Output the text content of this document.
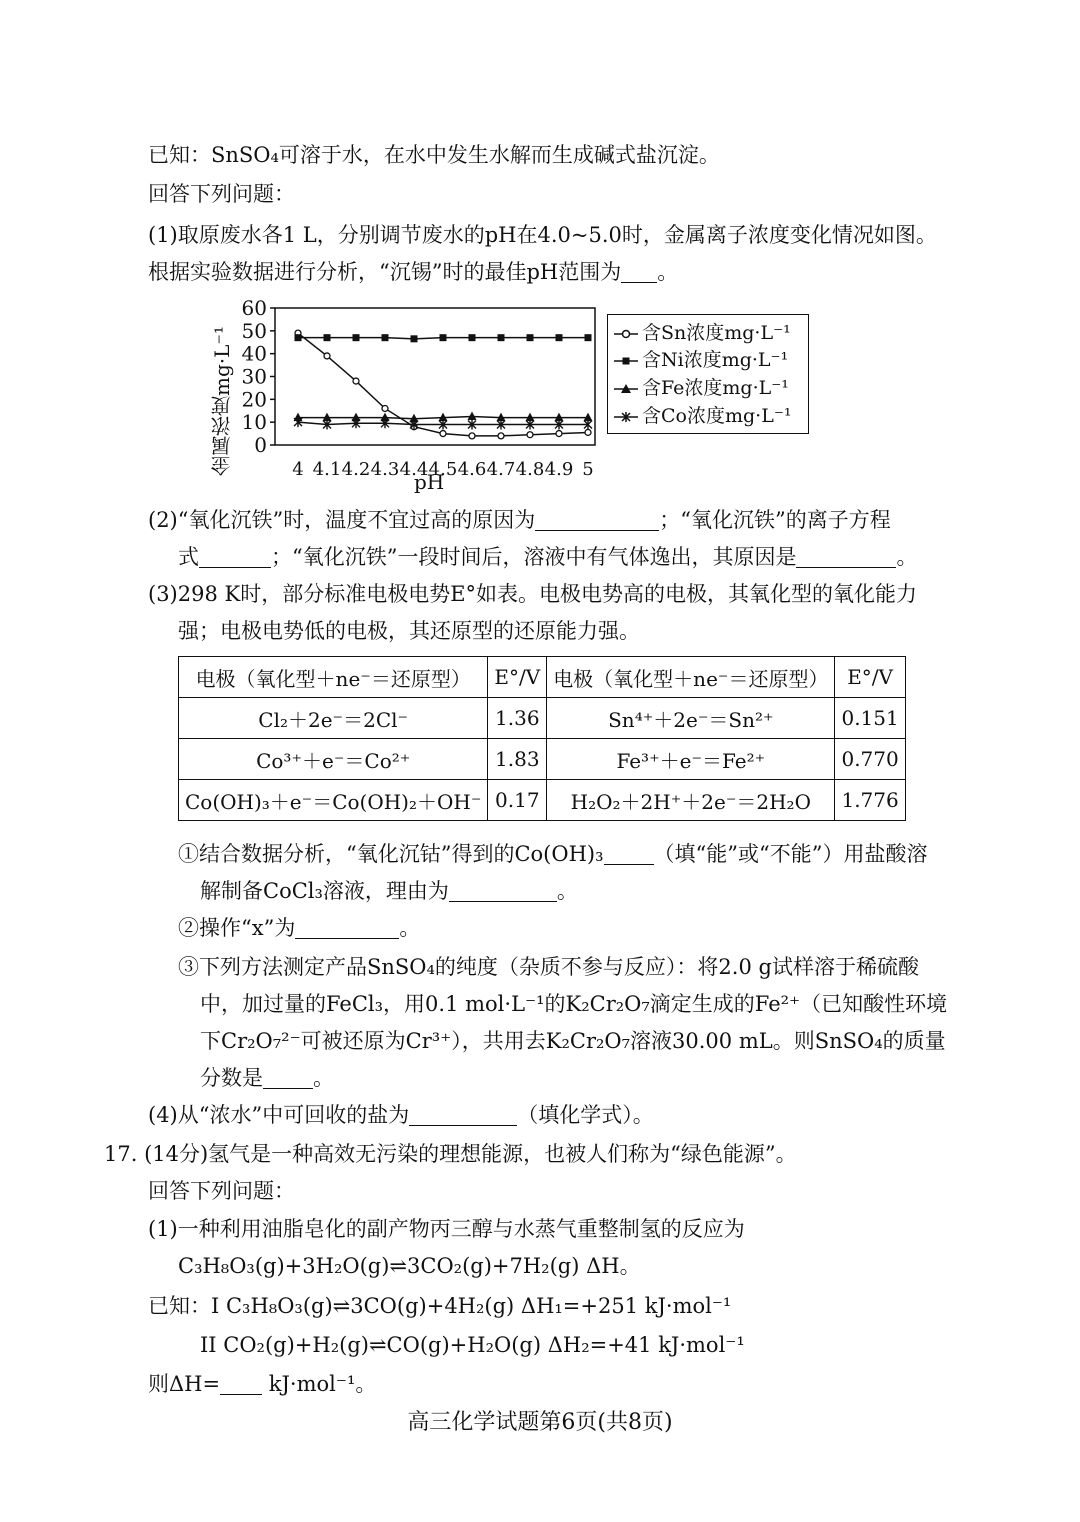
已知：SnSO₄可溶于水，在水中发生水解而生成碱式盐沉淀。
回答下列问题：
(1)取原废水各1 L，分别调节废水的pH在4.0~5.0时，金属离子浓度变化情况如图。
根据实验数据进行分析，“沉锡”时的最佳pH范围为 。
0
10
20
30
40
50
60
4 4.1 4.2 4.3 4.4 4.5 4.6 4.7 4.8 4.9 5
金属浓度mg·L⁻¹
pH
含Sn浓度mg·L⁻¹
含Ni浓度mg·L⁻¹
含Fe浓度mg·L⁻¹
含Co浓度mg·L⁻¹
(2)“氧化沉铁”时，温度不宜过高的原因为	；“氧化沉铁”的离子方程
式	；“氧化沉铁”一段时间后，溶液中有气体逸出，其原因是	。
(3)298 K时，部分标准电极电势E°如表。电极电势高的电极，其氧化型的氧化能力
强；电极电势低的电极，其还原型的还原能力强。
电极（氧化型＋ne⁻＝还原型）	E°/V	电极（氧化型＋ne⁻＝还原型）	E°/V
Cl₂＋2e⁻＝2Cl⁻	1.36	Sn⁴⁺＋2e⁻＝Sn²⁺	0.151
Co³⁺＋e⁻＝Co²⁺	1.83	Fe³⁺＋e⁻＝Fe²⁺	0.770
Co(OH)₃＋e⁻＝Co(OH)₂＋OH⁻	0.17	H₂O₂＋2H⁺＋2e⁻＝2H₂O	1.776
①结合数据分析，“氧化沉钴”得到的Co(OH)₃ （填“能”或“不能”）用盐酸溶
解制备CoCl₃溶液，理由为	。
②操作“x”为	。
③下列方法测定产品SnSO₄的纯度（杂质不参与反应）：将2.0 g试样溶于稀硫酸
中，加过量的FeCl₃，用0.1 mol·L⁻¹的K₂Cr₂O₇滴定生成的Fe²⁺（已知酸性环境
下Cr₂O₇²⁻可被还原为Cr³⁺），共用去K₂Cr₂O₇溶液30.00 mL。则SnSO₄的质量
分数是 。
(4)从“浓水”中可回收的盐为	（填化学式）。
17. (14分)氢气是一种高效无污染的理想能源，也被人们称为“绿色能源”。
回答下列问题：
(1)一种利用油脂皂化的副产物丙三醇与水蒸气重整制氢的反应为
C₃H₈O₃(g)+3H₂O(g)⇌3CO₂(g)+7H₂(g) ΔH。
已知：I C₃H₈O₃(g)⇌3CO(g)+4H₂(g) ΔH₁=+251 kJ·mol⁻¹
II CO₂(g)+H₂(g)⇌CO(g)+H₂O(g) ΔH₂=+41 kJ·mol⁻¹
则ΔH= kJ·mol⁻¹。
高三化学试题第6页(共8页)
